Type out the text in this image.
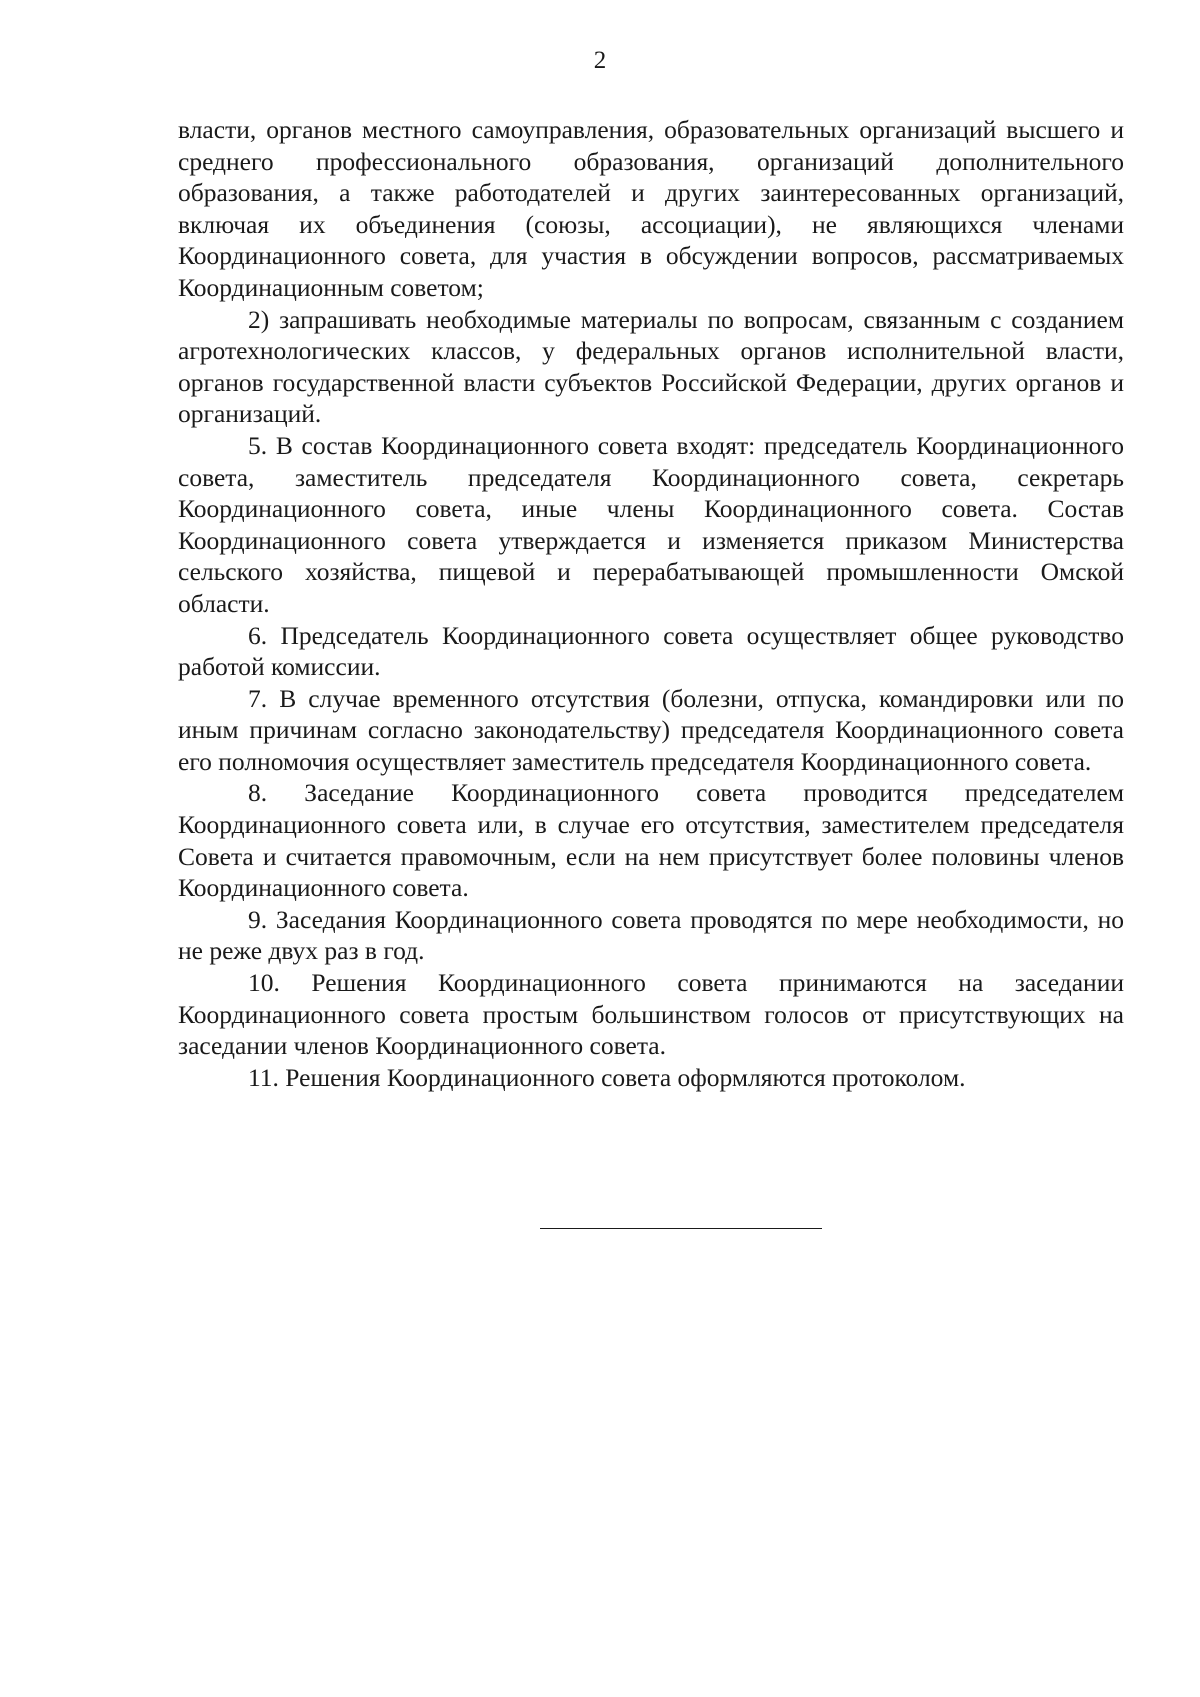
2

власти, органов местного самоуправления, образовательных организаций высшего и среднего профессионального образования, организаций дополнительного образования, а также работодателей и других заинтересованных организаций, включая их объединения (союзы, ассоциации), не являющихся членами Координационного совета, для участия в обсуждении вопросов, рассматриваемых Координационным советом;

2) запрашивать необходимые материалы по вопросам, связанным с созданием агротехнологических классов, у федеральных органов исполнительной власти, органов государственной власти субъектов Российской Федерации, других органов и организаций.

5. В состав Координационного совета входят: председатель Координационного совета, заместитель председателя Координационного совета, секретарь Координационного совета, иные члены Координационного совета. Состав Координационного совета утверждается и изменяется приказом Министерства сельского хозяйства, пищевой и перерабатывающей промышленности Омской области.

6. Председатель Координационного совета осуществляет общее руководство работой комиссии.

7. В случае временного отсутствия (болезни, отпуска, командировки или по иным причинам согласно законодательству) председателя Координационного совета его полномочия осуществляет заместитель председателя Координационного совета.

8. Заседание Координационного совета проводится председателем Координационного совета или, в случае его отсутствия, заместителем председателя Совета и считается правомочным, если на нем присутствует более половины членов Координационного совета.

9. Заседания Координационного совета проводятся по мере необходимости, но не реже двух раз в год.

10. Решения Координационного совета принимаются на заседании Координационного совета простым большинством голосов от присутствующих на заседании членов Координационного совета.

11. Решения Координационного совета оформляются протоколом.
